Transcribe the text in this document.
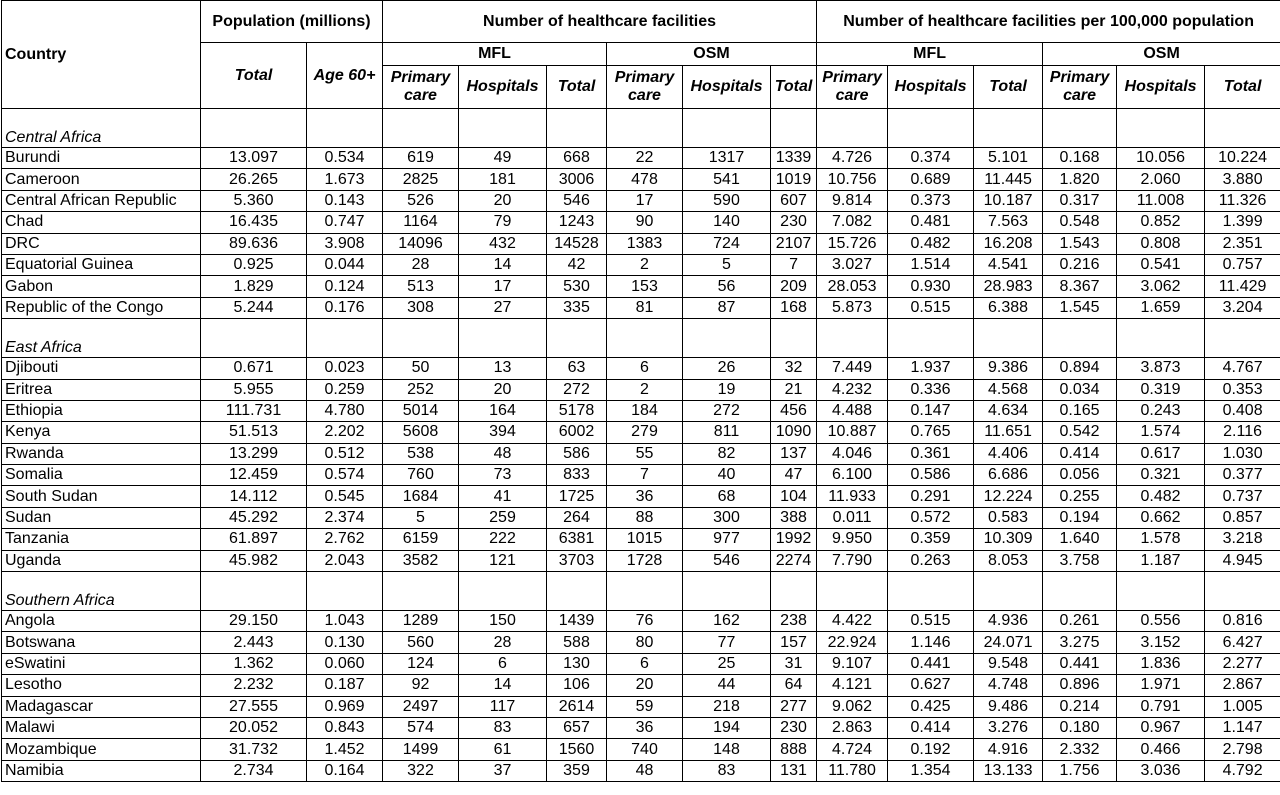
Country	Population (millions)		Number of healthcare facilities						Number of healthcare facilities per 100,000 population					
	Total	Age 60+	MFL			OSM			MFL			OSM		
			Primary care	Hospitals	Total	Primary care	Hospitals	Total	Primary care	Hospitals	Total	Primary care	Hospitals	Total
Central Africa														
Burundi	13.097	0.534	619	49	668	22	1317	1339	4.726	0.374	5.101	0.168	10.056	10.224
Cameroon	26.265	1.673	2825	181	3006	478	541	1019	10.756	0.689	11.445	1.820	2.060	3.880
Central African Republic	5.360	0.143	526	20	546	17	590	607	9.814	0.373	10.187	0.317	11.008	11.326
Chad	16.435	0.747	1164	79	1243	90	140	230	7.082	0.481	7.563	0.548	0.852	1.399
DRC	89.636	3.908	14096	432	14528	1383	724	2107	15.726	0.482	16.208	1.543	0.808	2.351
Equatorial Guinea	0.925	0.044	28	14	42	2	5	7	3.027	1.514	4.541	0.216	0.541	0.757
Gabon	1.829	0.124	513	17	530	153	56	209	28.053	0.930	28.983	8.367	3.062	11.429
Republic of the Congo	5.244	0.176	308	27	335	81	87	168	5.873	0.515	6.388	1.545	1.659	3.204
East Africa														
Djibouti	0.671	0.023	50	13	63	6	26	32	7.449	1.937	9.386	0.894	3.873	4.767
Eritrea	5.955	0.259	252	20	272	2	19	21	4.232	0.336	4.568	0.034	0.319	0.353
Ethiopia	111.731	4.780	5014	164	5178	184	272	456	4.488	0.147	4.634	0.165	0.243	0.408
Kenya	51.513	2.202	5608	394	6002	279	811	1090	10.887	0.765	11.651	0.542	1.574	2.116
Rwanda	13.299	0.512	538	48	586	55	82	137	4.046	0.361	4.406	0.414	0.617	1.030
Somalia	12.459	0.574	760	73	833	7	40	47	6.100	0.586	6.686	0.056	0.321	0.377
South Sudan	14.112	0.545	1684	41	1725	36	68	104	11.933	0.291	12.224	0.255	0.482	0.737
Sudan	45.292	2.374	5	259	264	88	300	388	0.011	0.572	0.583	0.194	0.662	0.857
Tanzania	61.897	2.762	6159	222	6381	1015	977	1992	9.950	0.359	10.309	1.640	1.578	3.218
Uganda	45.982	2.043	3582	121	3703	1728	546	2274	7.790	0.263	8.053	3.758	1.187	4.945
Southern Africa														
Angola	29.150	1.043	1289	150	1439	76	162	238	4.422	0.515	4.936	0.261	0.556	0.816
Botswana	2.443	0.130	560	28	588	80	77	157	22.924	1.146	24.071	3.275	3.152	6.427
eSwatini	1.362	0.060	124	6	130	6	25	31	9.107	0.441	9.548	0.441	1.836	2.277
Lesotho	2.232	0.187	92	14	106	20	44	64	4.121	0.627	4.748	0.896	1.971	2.867
Madagascar	27.555	0.969	2497	117	2614	59	218	277	9.062	0.425	9.486	0.214	0.791	1.005
Malawi	20.052	0.843	574	83	657	36	194	230	2.863	0.414	3.276	0.180	0.967	1.147
Mozambique	31.732	1.452	1499	61	1560	740	148	888	4.724	0.192	4.916	2.332	0.466	2.798
Namibia	2.734	0.164	322	37	359	48	83	131	11.780	1.354	13.133	1.756	3.036	4.792
